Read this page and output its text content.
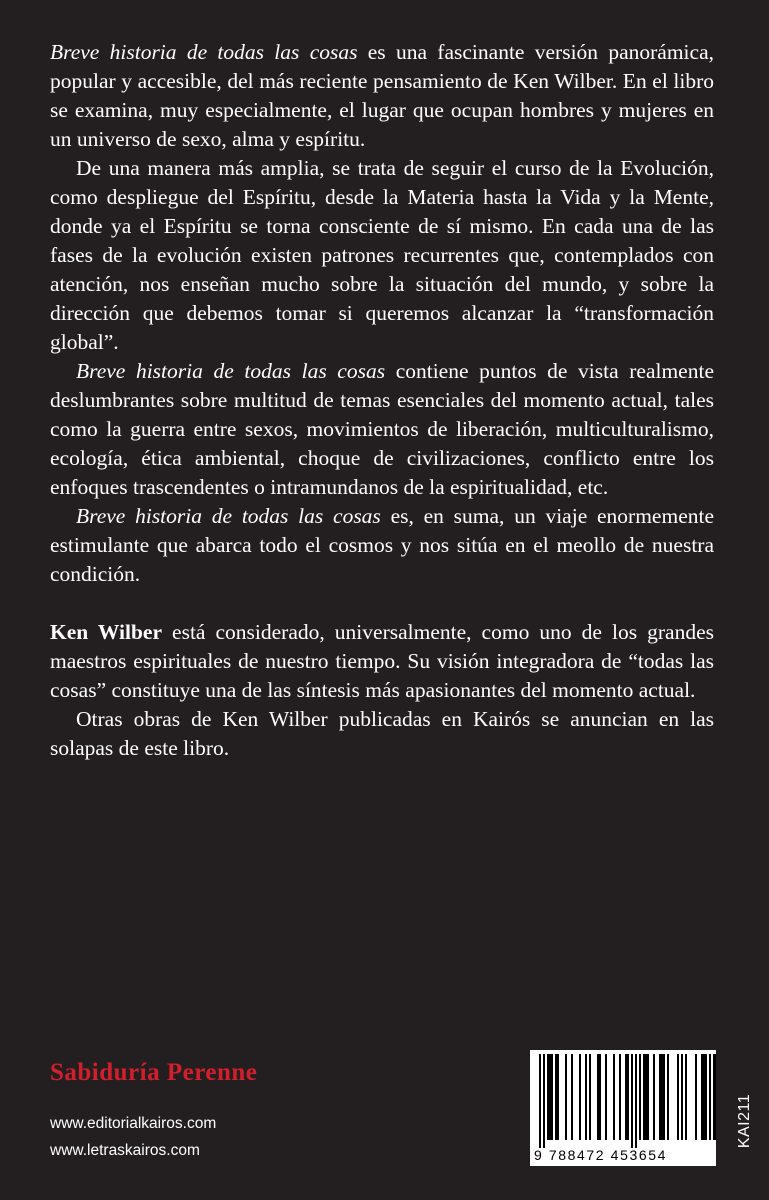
Breve historia de todas las cosas es una fascinante versión panorámica, popular y accesible, del más reciente pensamiento de Ken Wilber. En el libro se examina, muy especialmente, el lugar que ocupan hombres y mujeres en un universo de sexo, alma y espíritu.

De una manera más amplia, se trata de seguir el curso de la Evolución, como despliegue del Espíritu, desde la Materia hasta la Vida y la Mente, donde ya el Espíritu se torna consciente de sí mismo. En cada una de las fases de la evolución existen patrones recurrentes que, contemplados con atención, nos enseñan mucho sobre la situación del mundo, y sobre la dirección que debemos tomar si queremos alcanzar la “transformación global”.

Breve historia de todas las cosas contiene puntos de vista realmente deslumbrantes sobre multitud de temas esenciales del momento actual, tales como la guerra entre sexos, movimientos de liberación, multiculturalismo, ecología, ética ambiental, choque de civilizaciones, conflicto entre los enfoques trascendentes o intramundanos de la espiritualidad, etc.

Breve historia de todas las cosas es, en suma, un viaje enormemente estimulante que abarca todo el cosmos y nos sitúa en el meollo de nuestra condición.

Ken Wilber está considerado, universalmente, como uno de los grandes maestros espirituales de nuestro tiempo. Su visión integradora de “todas las cosas” constituye una de las síntesis más apasionantes del momento actual.

Otras obras de Ken Wilber publicadas en Kairós se anuncian en las solapas de este libro.

Sabiduría Perenne
www.editorialkairos.com
www.letraskairos.com	9 788472 453654
KAI211
